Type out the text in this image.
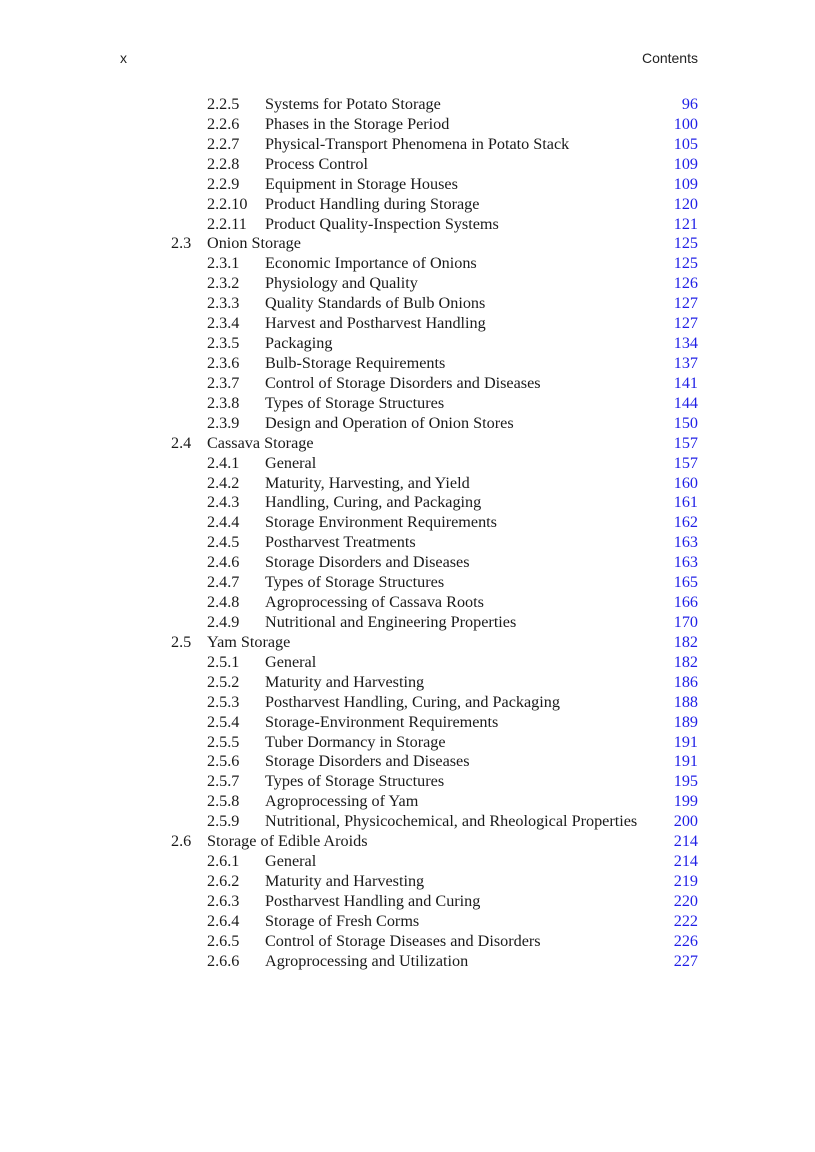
x	Contents
2.2.5 Systems for Potato Storage	96
2.2.6 Phases in the Storage Period	100
2.2.7 Physical-Transport Phenomena in Potato Stack	105
2.2.8 Process Control	109
2.2.9 Equipment in Storage Houses	109
2.2.10 Product Handling during Storage	120
2.2.11 Product Quality-Inspection Systems	121
2.3 Onion Storage	125
2.3.1 Economic Importance of Onions	125
2.3.2 Physiology and Quality	126
2.3.3 Quality Standards of Bulb Onions	127
2.3.4 Harvest and Postharvest Handling	127
2.3.5 Packaging	134
2.3.6 Bulb-Storage Requirements	137
2.3.7 Control of Storage Disorders and Diseases	141
2.3.8 Types of Storage Structures	144
2.3.9 Design and Operation of Onion Stores	150
2.4 Cassava Storage	157
2.4.1 General	157
2.4.2 Maturity, Harvesting, and Yield	160
2.4.3 Handling, Curing, and Packaging	161
2.4.4 Storage Environment Requirements	162
2.4.5 Postharvest Treatments	163
2.4.6 Storage Disorders and Diseases	163
2.4.7 Types of Storage Structures	165
2.4.8 Agroprocessing of Cassava Roots	166
2.4.9 Nutritional and Engineering Properties	170
2.5 Yam Storage	182
2.5.1 General	182
2.5.2 Maturity and Harvesting	186
2.5.3 Postharvest Handling, Curing, and Packaging	188
2.5.4 Storage-Environment Requirements	189
2.5.5 Tuber Dormancy in Storage	191
2.5.6 Storage Disorders and Diseases	191
2.5.7 Types of Storage Structures	195
2.5.8 Agroprocessing of Yam	199
2.5.9 Nutritional, Physicochemical, and Rheological Properties 200
2.6 Storage of Edible Aroids	214
2.6.1 General	214
2.6.2 Maturity and Harvesting	219
2.6.3 Postharvest Handling and Curing	220
2.6.4 Storage of Fresh Corms	222
2.6.5 Control of Storage Diseases and Disorders	226
2.6.6 Agroprocessing and Utilization	227
